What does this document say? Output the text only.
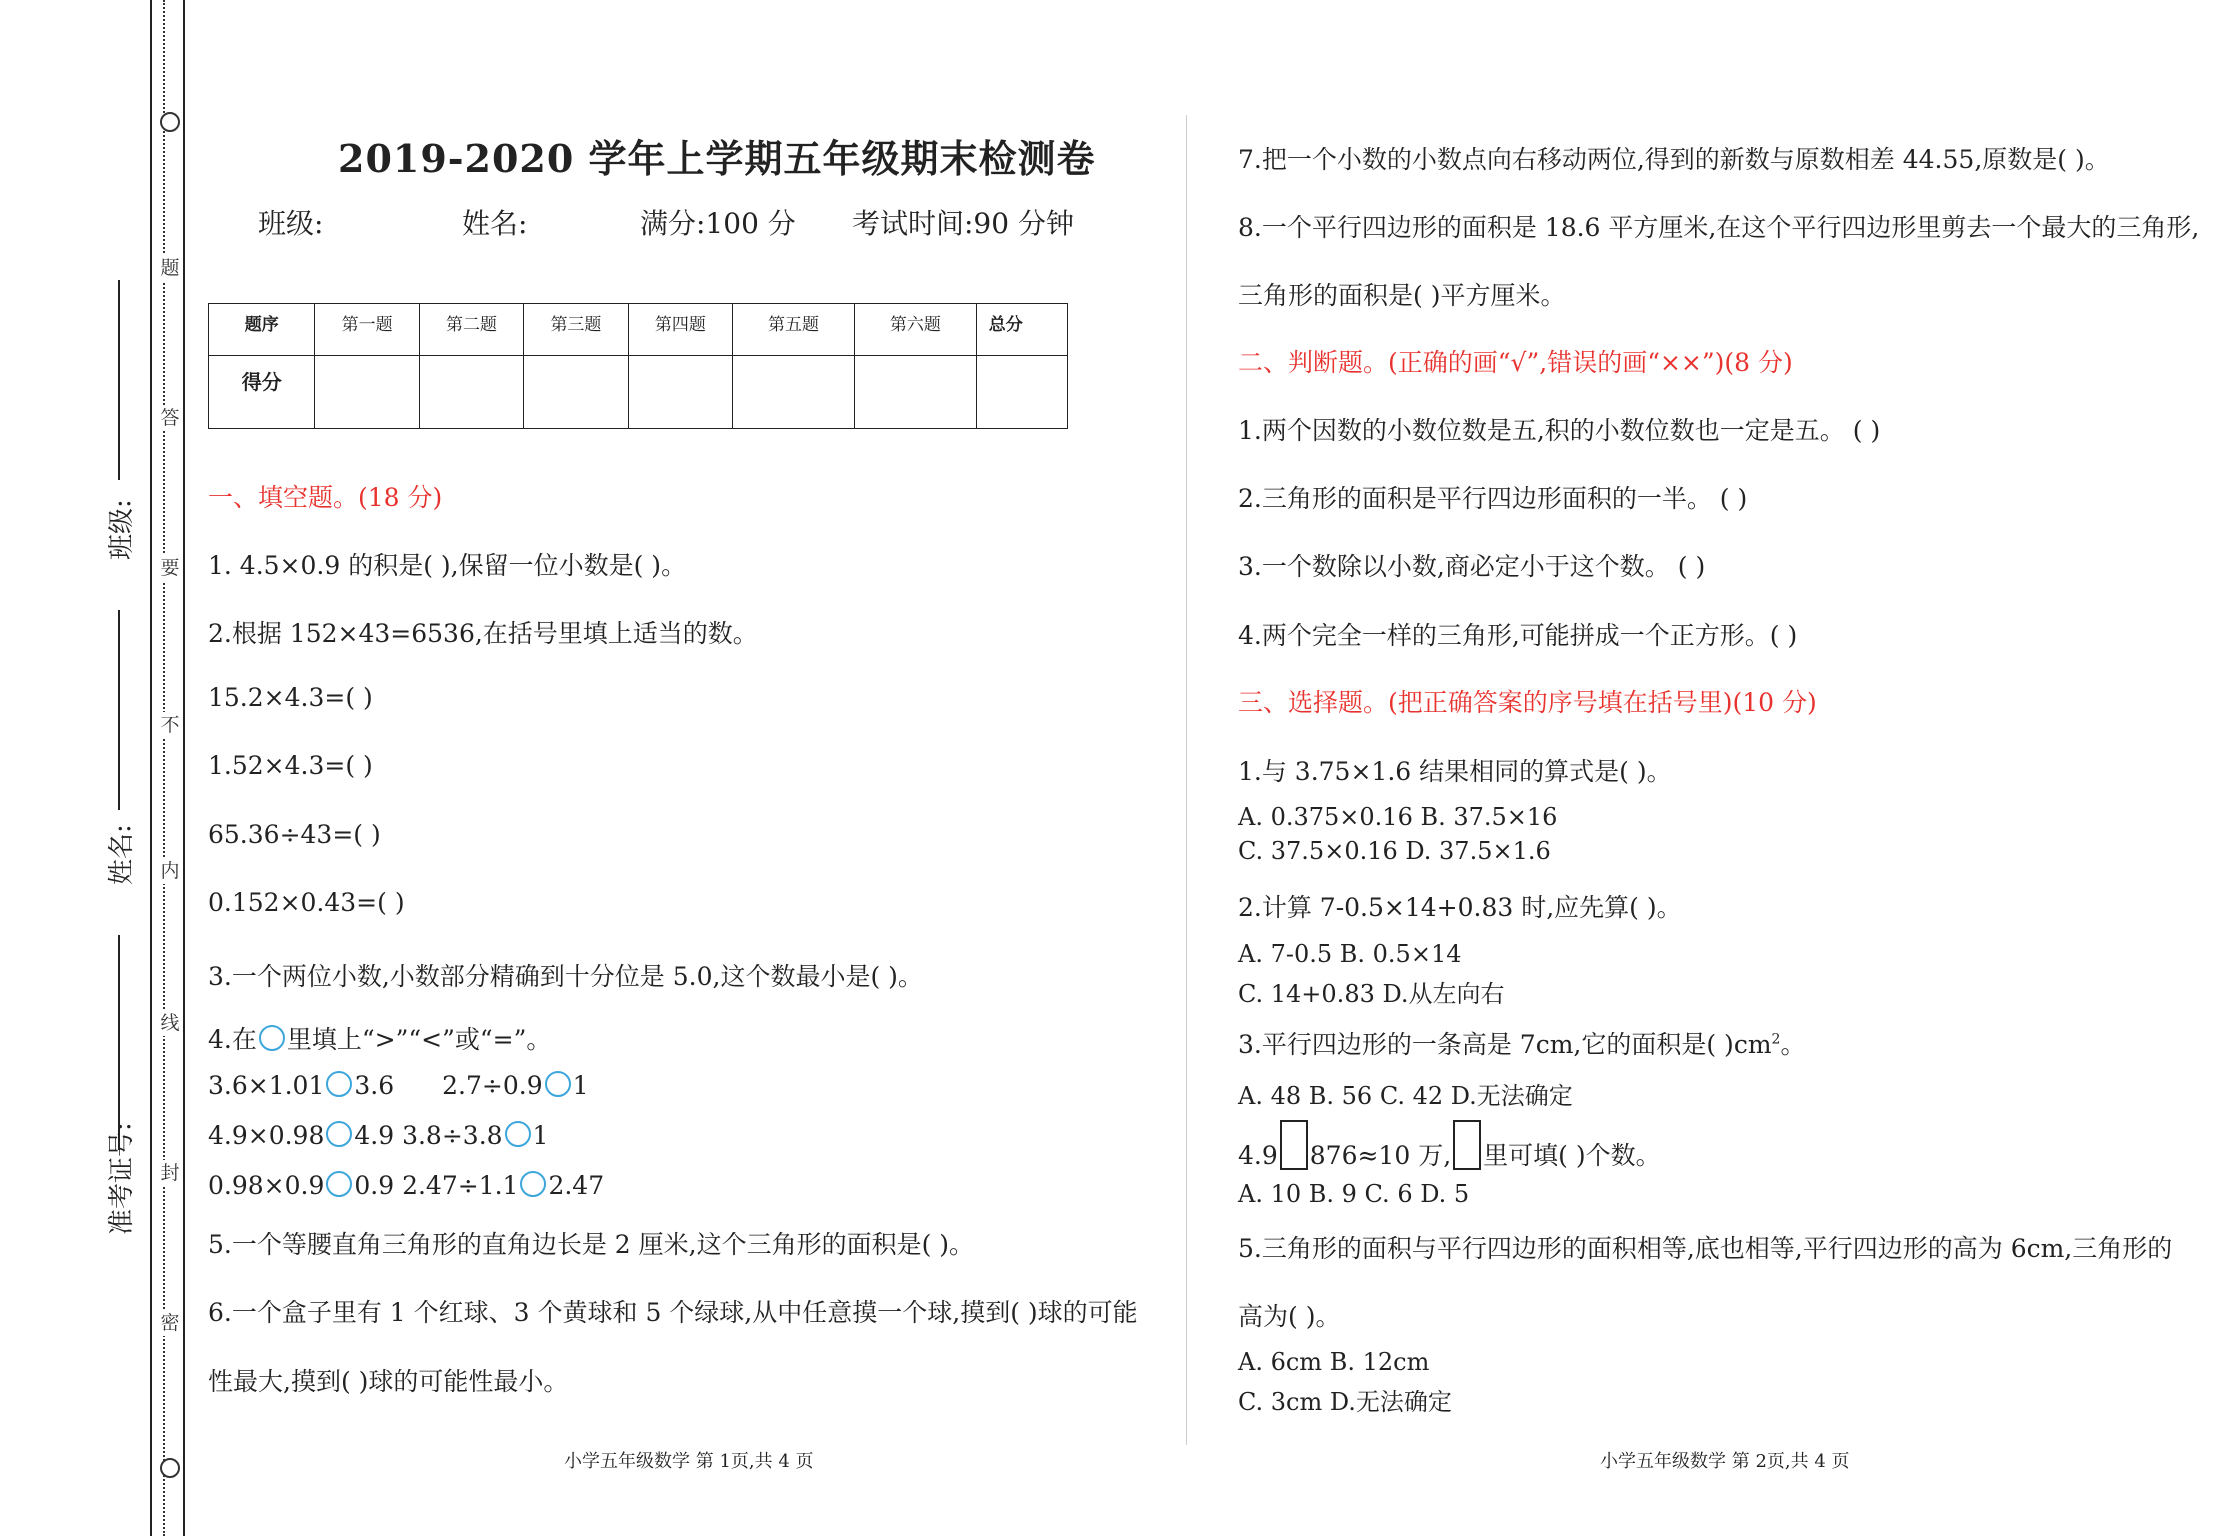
题
答
要
不
内
线
封
密
班级:
姓名:
准考证号:
2019-2020 学年上学期五年级期末检测卷
班级:	姓名:	满分:100 分 考试时间:90 分钟
题序	第一题	第二题	第三题	第四题	第五题	第六题	总分
得分							
一、填空题。(18 分)
1. 4.5×0.9 的积是( ),保留一位小数是( )。
2.根据 152×43=6536,在括号里填上适当的数。
15.2×4.3=( )
1.52×4.3=( )
65.36÷43=( )
0.152×0.43=( )
3.一个两位小数,小数部分精确到十分位是 5.0,这个数最小是( )。
4.在 里填上“>”“<”或“=”。
3.6×1.01 3.6 2.7÷0.9 1
4.9×0.98 4.9 3.8÷3.8 1
0.98×0.9 0.9 2.47÷1.1 2.47
5.一个等腰直角三角形的直角边长是 2 厘米,这个三角形的面积是( )。
6.一个盒子里有 1 个红球、3 个黄球和 5 个绿球,从中任意摸一个球,摸到( )球的可能
性最大,摸到( )球的可能性最小。
小学五年级数学 第 1页,共 4 页
7.把一个小数的小数点向右移动两位,得到的新数与原数相差 44.55,原数是( )。
8.一个平行四边形的面积是 18.6 平方厘米,在这个平行四边形里剪去一个最大的三角形,
三角形的面积是( )平方厘米。
二、判断题。(正确的画“√”,错误的画“××”)(8 分)
1.两个因数的小数位数是五,积的小数位数也一定是五。 ( )
2.三角形的面积是平行四边形面积的一半。 ( )
3.一个数除以小数,商必定小于这个数。 ( )
4.两个完全一样的三角形,可能拼成一个正方形。( )
三、选择题。(把正确答案的序号填在括号里)(10 分)
1.与 3.75×1.6 结果相同的算式是( )。
A. 0.375×0.16 B. 37.5×16
C. 37.5×0.16 D. 37.5×1.6
2.计算 7-0.5×14+0.83 时,应先算( )。
A. 7-0.5 B. 0.5×14
C. 14+0.83 D.从左向右
3.平行四边形的一条高是 7cm,它的面积是( )$cm^2$。
A. 48 B. 56 C. 42 D.无法确定
4.9 876≈10 万, 里可填( )个数。
A. 10 B. 9 C. 6 D. 5
5.三角形的面积与平行四边形的面积相等,底也相等,平行四边形的高为 6cm,三角形的
高为( )。
A. 6cm B. 12cm
C. 3cm D.无法确定
小学五年级数学 第 2页,共 4 页
